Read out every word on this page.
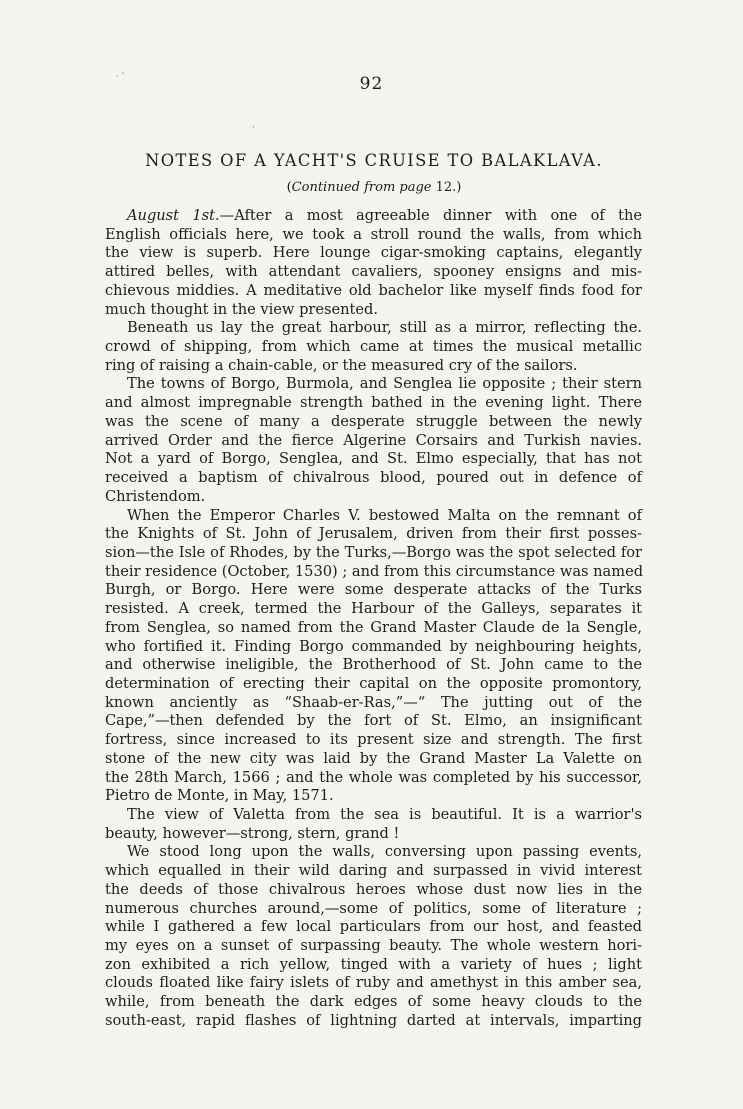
· '
‘
92
NOTES OF A YACHT'S CRUISE TO BALAKLAVA.
(Continued from page 12.)
August 1st.—After a most agreeable dinner with one of the
English officials here, we took a stroll round the walls, from which
the view is superb. Here lounge cigar-smoking captains, elegantly
attired belles, with attendant cavaliers, spooney ensigns and mis-
chievous middies. A meditative old bachelor like myself finds food for
much thought in the view presented.
Beneath us lay the great harbour, still as a mirror, reflecting the.
crowd of shipping, from which came at times the musical metallic
ring of raising a chain-cable, or the measured cry of the sailors.
The towns of Borgo, Burmola, and Senglea lie opposite ; their stern
and almost impregnable strength bathed in the evening light. There
was the scene of many a desperate struggle between the newly
arrived Order and the fierce Algerine Corsairs and Turkish navies.
Not a yard of Borgo, Senglea, and St. Elmo especially, that has not
received a baptism of chivalrous blood, poured out in defence of
Christendom.
When the Emperor Charles V. bestowed Malta on the remnant of
the Knights of St. John of Jerusalem, driven from their first posses-
sion—the Isle of Rhodes, by the Turks,—Borgo was the spot selected for
their residence (October, 1530) ; and from this circumstance was named
Burgh, or Borgo. Here were some desperate attacks of the Turks
resisted. A creek, termed the Harbour of the Galleys, separates it
from Senglea, so named from the Grand Master Claude de la Sengle,
who fortified it. Finding Borgo commanded by neighbouring heights,
and otherwise ineligible, the Brotherhood of St. John came to the
determination of erecting their capital on the opposite promontory,
known anciently as “Shaab-er-Ras,”—“ The jutting out of the
Cape,”—then defended by the fort of St. Elmo, an insignificant
fortress, since increased to its present size and strength. The first
stone of the new city was laid by the Grand Master La Valette on
the 28th March, 1566 ; and the whole was completed by his successor,
Pietro de Monte, in May, 1571.
The view of Valetta from the sea is beautiful. It is a warrior's
beauty, however—strong, stern, grand !
We stood long upon the walls, conversing upon passing events,
which equalled in their wild daring and surpassed in vivid interest
the deeds of those chivalrous heroes whose dust now lies in the
numerous churches around,—some of politics, some of literature ;
while I gathered a few local particulars from our host, and feasted
my eyes on a sunset of surpassing beauty. The whole western hori-
zon exhibited a rich yellow, tinged with a variety of hues ; light
clouds floated like fairy islets of ruby and amethyst in this amber sea,
while, from beneath the dark edges of some heavy clouds to the
south-east, rapid flashes of lightning darted at intervals, imparting
